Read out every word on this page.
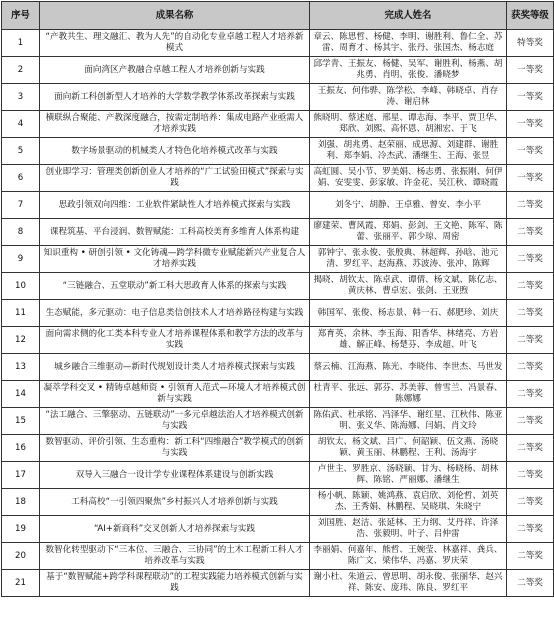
序号	成果名称	完成人姓名	获奖等级
1	“产教共生、理文融汇、教为人先”的自动化专业卓越工程人才培养新模式	章云、陈思哲、杨健、李明、谢胜利、鲁仁全、苏雷、周育才、杨其宇、张丹、张国杰、杨志庭	特等奖
2	面向湾区产教融合卓越工程人才培养创新与实践	邱学青、王振友、杨健、吴军、谢胜利、杨燕、胡兆勇、肖明、张俊、潘晓梦	一等奖
3	面向新工科创新型人才培养的大学数学教学体系改革探索与实践	王振友、何伟骅、陈学松、李峰、韩晓卓、肖存涛、谢启林	一等奖
4	横联纵合聚能、产教深度融合，按需定制培养：集成电路产业亟需人才培养实践	熊晓明、蔡述庭、邢星、谭志海、李平、贾卫华、郑欣、刘熙、高怀恩、胡湘宏、于飞	一等奖
5	数字场景驱动的机械类人才特色化培养模式改革与实践	刘强、胡兆勇、赵荣丽、成思源、刘建群、谢胜利、郑李娟、冷杰武、潘继生、王海、张昱	一等奖
6	创业即学习：管理类创新创业人才培养的“广工试验田模式”探索与实践	高虹圆、吴小节、罗美娟、杨志勇、张振刚、何伊娟、安雯雯、彭家敏、许金花、吴江秋、谭晓霞	一等奖
7	思政引领双向四维：工业软件紧缺性人才培养模式探索与实践	刘冬宁、胡静、王卓雅、曾安、李小平	二等奖
8	课程筑基、平台浸润、数智赋能：工科高校美育多维育人体系构建	廖建荣、曹风霞、郑娟、彭剑、王文艳、陈军、陈蕾、张丽平、郭少琼、周密	二等奖
9	知识重构 • 研创引领 • 文化铸魂—跨学科微专业赋能新兴产业复合人才培养实践	郭钟宁、张永俊、张殷典、林超辉、孙晗、池元清、罗红平、赵海燕、苏波涛、张冲、陈辉	二等奖
10	“三链融合、五堂联动”新工科大思政育人体系的探索与实践	揭晓、胡钦太、陈卓武、谭倩、杨文斌、陈亿志、黄庆林、曹卓宏、张剑、王亚煦	二等奖
11	生态赋能，多元驱动：电子信息类信创技术人才培养路径构建与实践	韩国军、张俊、杨志景、韩一石、郝肥珍、刘庆	二等奖
12	面向需求侧的化工类本科专业人才培养课程体系和教学方法的改革与实践	郑育英、余林、李玉海、阳香华、林绪亮、方岩雄、解正峰、杨楚芬、李成超、叶飞	二等奖
13	城乡融合三维驱动—新时代规划设计类人才培养模式探索与实践	蔡云楠、江海燕、陈光、李晓伟、李世杰、马世发	二等奖
14	凝萃学科交叉 • 精铸卓越师资 • 引领育人范式—环境人才培养模式创新与实践	杜青平、张远、郭芬、苏美蓉、曾雪兰、冯景春、陈娜娜	二等奖
15	“法工融合、三擎驱动、五链联动”一多元卓越法治人才培养模式创新与实践	陈佑武、杜承铭、冯泽华、谢红星、江秋伟、陈亚明、张义华、陈海娜、闫娟、肖文玲	二等奖
16	数智驱动、评价引领、生态重构：新工科“四维融合”教学模式的创新与实践	胡钦太、杨文斌、吕广、何韶颖、伍文燕、汤晓颖、黄玉丽、林鹏程、王利、汤海宇	二等奖
17	双导入三融合一设计学专业课程体系建设与创新实践	卢世主、罗胜京、汤晓颖、甘为、杨晓杨、胡林辉、陈铭、严丽娜、潘继生	二等奖
18	工科高校“一引领四聚焦”乡村振兴人才培养创新与实践	杨小帆、陈颖、姚鸿燕、袁启欣、刘伦哲、刘英杰、王秀娟、林鹏程、吴晓琪、朱晓宁	二等奖
19	“AI+新商科”交叉创新人才培养探索与实践	刘国胜、赵洁、张延林、王力纲、艾丹祥、许泽浩、张毅明、叶子、吕仲雷	二等奖
20	数智化转型驱动下“三本位、三融合、三协同”的土木工程新工科人才培养改革与实践	李丽娟、何嘉年、熊哲、王婉莹、林嘉祥、龚兵、陈广文、梁伟华、冯嘉、罗庆荣	二等奖
21	基于“数智赋能+跨学科课程联动”的工程实践能力培养模式创新与实践	谢小杜、朱道云、曾思明、胡永俊、张丽华、赵兴祥、陈安、庞玮、陈良、罗红平	二等奖
